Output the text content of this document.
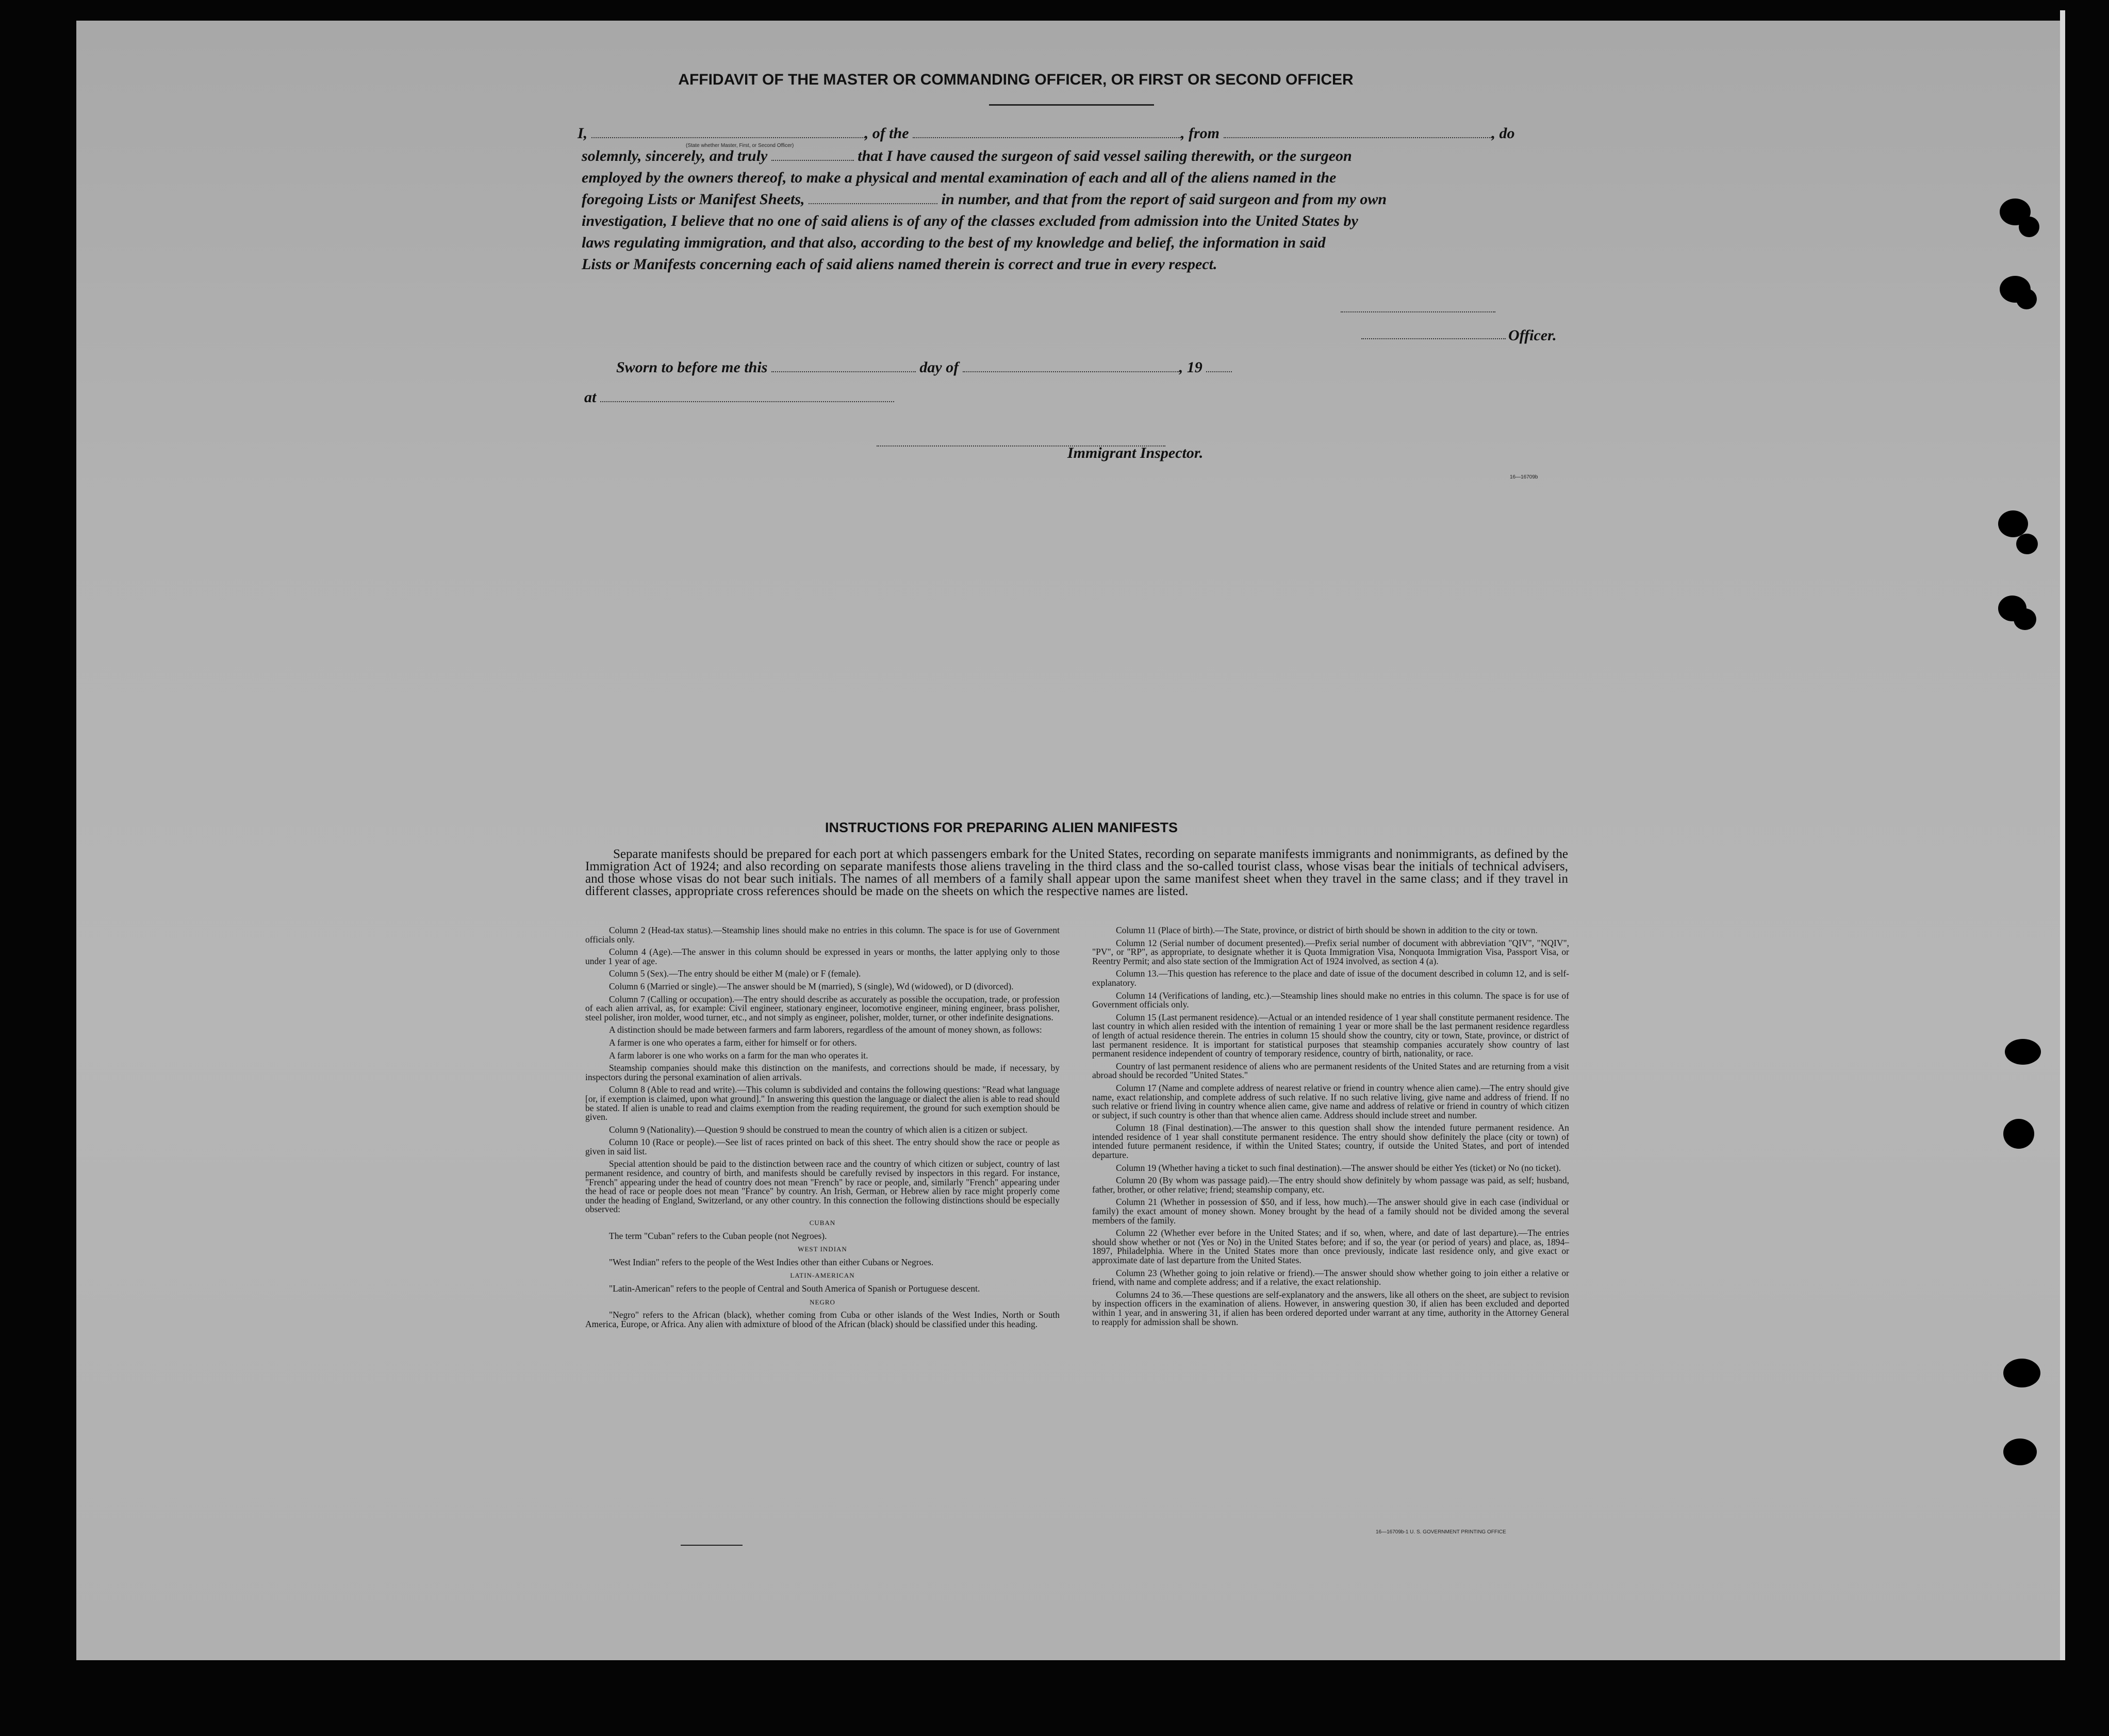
AFFIDAVIT OF THE MASTER OR COMMANDING OFFICER, OR FIRST OR SECOND OFFICER
I,	, of the	, from	, do
(State whether Master, First, or Second Officer)
solemnly, sincerely, and truly	that I have caused the surgeon of said vessel sailing therewith, or the surgeon
employed by the owners thereof, to make a physical and mental examination of each and all of the aliens named in the
foregoing Lists or Manifest Sheets,	in number, and that from the report of said surgeon and from my own
investigation, I believe that no one of said aliens is of any of the classes excluded from admission into the United States by
laws regulating immigration, and that also, according to the best of my knowledge and belief, the information in said
Lists or Manifests concerning each of said aliens named therein is correct and true in every respect.
Officer.
Sworn to before me this	day of	, 19
at
Immigrant Inspector.
16—16709b
INSTRUCTIONS FOR PREPARING ALIEN MANIFESTS
Separate manifests should be prepared for each port at which passengers embark for the United States, recording on separate manifests immigrants and nonimmigrants, as defined by the Immigration Act of 1924; and also recording on separate manifests those aliens traveling in the third class and the so-called tourist class, whose visas bear the initials of technical advisers, and those whose visas do not bear such initials. The names of all members of a family shall appear upon the same manifest sheet when they travel in the same class; and if they travel in different classes, appropriate cross references should be made on the sheets on which the respective names are listed.

Column 2 (Head-tax status).—Steamship lines should make no entries in this column. The space is for use of Government officials only.

Column 4 (Age).—The answer in this column should be expressed in years or months, the latter applying only to those under 1 year of age.

Column 5 (Sex).—The entry should be either M (male) or F (female).

Column 6 (Married or single).—The answer should be M (married), S (single), Wd (widowed), or D (divorced).

Column 7 (Calling or occupation).—The entry should describe as accurately as possible the occupation, trade, or profession of each alien arrival, as, for example: Civil engineer, stationary engineer, locomotive engineer, mining engineer, brass polisher, steel polisher, iron molder, wood turner, etc., and not simply as engineer, polisher, molder, turner, or other indefinite designations.

A distinction should be made between farmers and farm laborers, regardless of the amount of money shown, as follows:

A farmer is one who operates a farm, either for himself or for others.

A farm laborer is one who works on a farm for the man who operates it.

Steamship companies should make this distinction on the manifests, and corrections should be made, if necessary, by inspectors during the personal examination of alien arrivals.

Column 8 (Able to read and write).—This column is subdivided and contains the following questions: "Read what language [or, if exemption is claimed, upon what ground]." In answering this question the language or dialect the alien is able to read should be stated. If alien is unable to read and claims exemption from the reading requirement, the ground for such exemption should be given.

Column 9 (Nationality).—Question 9 should be construed to mean the country of which alien is a citizen or subject.

Column 10 (Race or people).—See list of races printed on back of this sheet. The entry should show the race or people as given in said list.

Special attention should be paid to the distinction between race and the country of which citizen or subject, country of last permanent residence, and country of birth, and manifests should be carefully revised by inspectors in this regard. For instance, "French" appearing under the head of country does not mean "French" by race or people, and, similarly "French" appearing under the head of race or people does not mean "France" by country. An Irish, German, or Hebrew alien by race might properly come under the heading of England, Switzerland, or any other country. In this connection the following distinctions should be especially observed:

CUBAN

The term "Cuban" refers to the Cuban people (not Negroes).

WEST INDIAN

"West Indian" refers to the people of the West Indies other than either Cubans or Negroes.

LATIN-AMERICAN

"Latin-American" refers to the people of Central and South America of Spanish or Portuguese descent.

NEGRO

"Negro" refers to the African (black), whether coming from Cuba or other islands of the West Indies, North or South America, Europe, or Africa. Any alien with admixture of blood of the African (black) should be classified under this heading.

Column 11 (Place of birth).—The State, province, or district of birth should be shown in addition to the city or town.

Column 12 (Serial number of document presented).—Prefix serial number of document with abbreviation "QIV", "NQIV", "PV", or "RP", as appropriate, to designate whether it is Quota Immigration Visa, Nonquota Immigration Visa, Passport Visa, or Reentry Permit; and also state section of the Immigration Act of 1924 involved, as section 4 (a).

Column 13.—This question has reference to the place and date of issue of the document described in column 12, and is self-explanatory.

Column 14 (Verifications of landing, etc.).—Steamship lines should make no entries in this column. The space is for use of Government officials only.

Column 15 (Last permanent residence).—Actual or an intended residence of 1 year shall constitute permanent residence. The last country in which alien resided with the intention of remaining 1 year or more shall be the last permanent residence regardless of length of actual residence therein. The entries in column 15 should show the country, city or town, State, province, or district of last permanent residence. It is important for statistical purposes that steamship companies accurately show country of last permanent residence independent of country of temporary residence, country of birth, nationality, or race.

Country of last permanent residence of aliens who are permanent residents of the United States and are returning from a visit abroad should be recorded "United States."

Column 17 (Name and complete address of nearest relative or friend in country whence alien came).—The entry should give name, exact relationship, and complete address of such relative. If no such relative living, give name and address of friend. If no such relative or friend living in country whence alien came, give name and address of relative or friend in country of which citizen or subject, if such country is other than that whence alien came. Address should include street and number.

Column 18 (Final destination).—The answer to this question shall show the intended future permanent residence. An intended residence of 1 year shall constitute permanent residence. The entry should show definitely the place (city or town) of intended future permanent residence, if within the United States; country, if outside the United States, and port of intended departure.

Column 19 (Whether having a ticket to such final destination).—The answer should be either Yes (ticket) or No (no ticket).

Column 20 (By whom was passage paid).—The entry should show definitely by whom passage was paid, as self; husband, father, brother, or other relative; friend; steamship company, etc.

Column 21 (Whether in possession of $50, and if less, how much).—The answer should give in each case (individual or family) the exact amount of money shown. Money brought by the head of a family should not be divided among the several members of the family.

Column 22 (Whether ever before in the United States; and if so, when, where, and date of last departure).—The entries should show whether or not (Yes or No) in the United States before; and if so, the year (or period of years) and place, as, 1894–1897, Philadelphia. Where in the United States more than once previously, indicate last residence only, and give exact or approximate date of last departure from the United States.

Column 23 (Whether going to join relative or friend).—The answer should show whether going to join either a relative or friend, with name and complete address; and if a relative, the exact relationship.

Columns 24 to 36.—These questions are self-explanatory and the answers, like all others on the sheet, are subject to revision by inspection officers in the examination of aliens. However, in answering question 30, if alien has been excluded and deported within 1 year, and in answering 31, if alien has been ordered deported under warrant at any time, authority in the Attorney General to reapply for admission shall be shown.

16—16709b-1 U. S. GOVERNMENT PRINTING OFFICE
